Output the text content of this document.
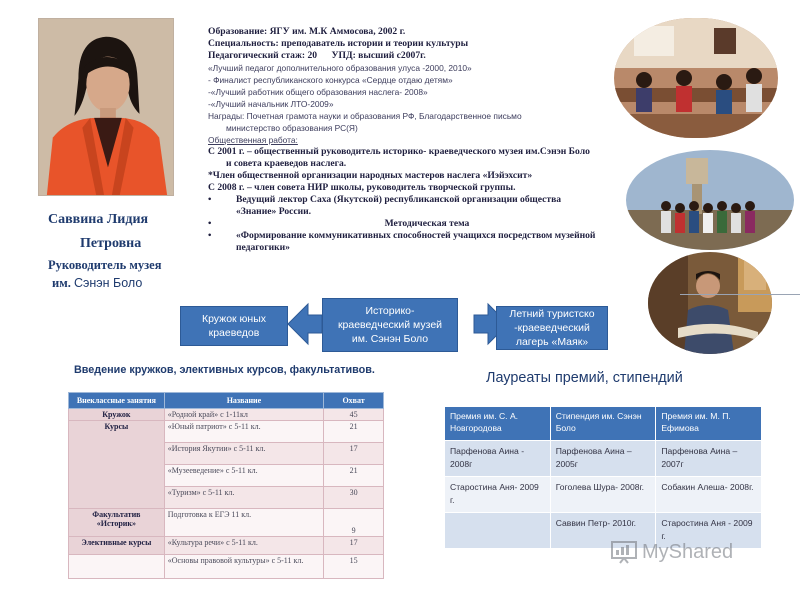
Саввина Лидия
Петровна
Руководитель музея
им. Сэнэн Боло
Образование: ЯГУ им. М.К Аммосова, 2002 г.
Специальность: преподаватель истории и теории культуры
Педагогический стаж: 20      УПД: высший с2007г.
«Лучший педагог дополнительного образования улуса -2000, 2010»
- Финалист республиканского конкурса «Сердце отдаю детям»
-«Лучший работник общего образования наслега- 2008»
-«Лучший начальник ЛТО-2009»
Награды: Почетная грамота науки и образования РФ, Благодарственное письмо
министерство образования РС(Я)
Общественная работа:
С 2001 г. – общественный руководитель историко- краеведческого музея им.Сэнэн Боло
и совета краеведов наслега.
*Член общественной организации народных мастеров наслега «Иэйэхсит»
С 2008 г. – член совета НИР школы, руководитель творческой группы.
•	Ведущий лектор Саха (Якутской) республиканской организации общества
«Знание» России.
•	Методическая тема
•	«Формирование коммуникативных способностей учащихся посредством музейной
педагогики»
Кружок юных
краеведов
Историко-
краеведческий музей
им. Сэнэн Боло
Летний туристско
-краеведческий
лагерь «Маяк»
Введение кружков, элективных курсов, факультативов.	Лауреаты премий, стипендий
Внеклассные занятия	Название	Охват
Кружок	«Родной край» с 1-11кл	45
Курсы	«Юный патриот» с 5-11 кл.	21
	«История Якутии» с 5-11 кл.	17
	«Музееведение» с 5-11 кл.	21
	«Туризм» с 5-11 кл.	30

Факультатив
«Историк»	Подготовка к ЕГЭ 11 кл.	9
Элективные курсы	«Культура речи» с 5-11 кл.	17
	«Основы правовой культуры» с 5-11 кл.	15
Премия им. С. А. Новгородова	Стипендия им. Сэнэн Боло	Премия им. М. П. Ефимова
Парфенова Аина - 2008г	Парфенова Аина – 2005г	Парфенова Аина – 2007г
Старостина Аня- 2009 г.	Гоголева Шура- 2008г.	Собакин Алеша- 2008г.
	Саввин Петр- 2010г.	Старостина Аня - 2009 г.
MyShared
